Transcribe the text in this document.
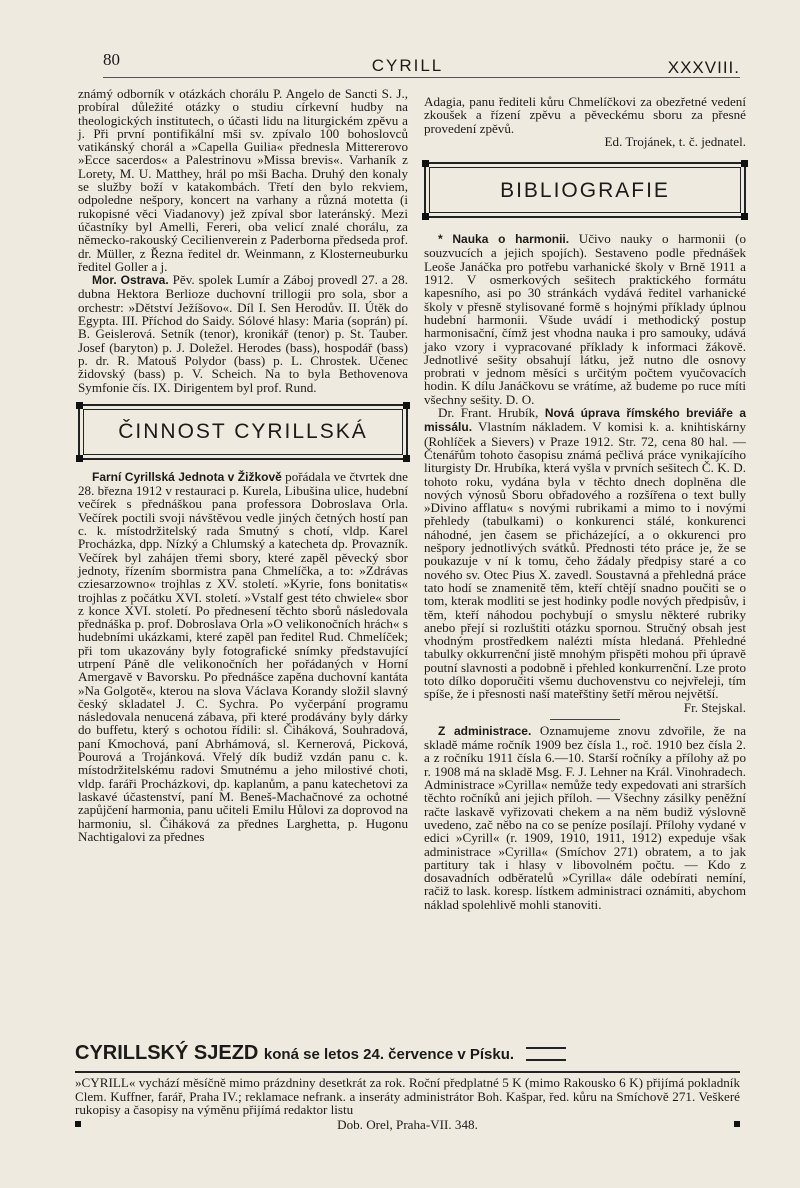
80	CYRILL	XXXVIII.

známý odborník v otázkách chorálu P. Angelo de Sancti S. J., probíral důležité otázky o studiu církevní hudby na theologických institutech, o účasti lidu na liturgickém zpěvu a j. Při první pontifikální mši sv. zpívalo 100 bohoslovců vatikánský chorál a »Capella Guilia« přednesla Mittererovo »Ecce sacerdos« a Palestrinovu »Missa brevis«. Varhaník z Lorety, M. U. Matthey, hrál po mši Bacha. Druhý den konaly se služby boží v katakombách. Třetí den bylo rekviem, odpoledne nešpory, koncert na varhany a různá motetta (i rukopisné věci Viadanovy) jež zpíval sbor lateránský. Mezi účastníky byl Amelli, Fereri, oba velicí znalé chorálu, za německo-rakouský Cecilienverein z Paderborna předseda prof. dr. Müller, z Řezna ředitel dr. Weinmann, z Klosterneuburku ředitel Goller a j.

Mor. Ostrava. Pěv. spolek Lumír a Záboj provedl 27. a 28. dubna Hektora Berlioze duchovní trillogii pro sola, sbor a orchestr: »Dětství Ježíšovo«. Díl I. Sen Herodův. II. Útěk do Egypta. III. Příchod do Saidy. Sólové hlasy: Maria (soprán) pí. B. Geislerová. Setník (tenor), kronikář (tenor) p. St. Tauber. Josef (baryton) p. J. Doležel. Herodes (bass), hospodář (bass) p. dr. R. Matouš Polydor (bass) p. L. Chrostek. Učenec židovský (bass) p. V. Scheich. Na to byla Bethovenova Symfonie čís. IX. Dirigentem byl prof. Rund.

ČINNOST CYRILLSKÁ

Farní Cyrillská Jednota v Žižkově pořádala ve čtvrtek dne 28. března 1912 v restauraci p. Kurela, Libušina ulice, hudební večírek s přednáškou pana professora Dobroslava Orla. Večírek poctili svoji návštěvou vedle jiných četných hostí pan c. k. místodržitelský rada Smutný s chotí, vldp. Karel Procházka, dpp. Nízký a Chlumský a katecheta dp. Provazník. Večírek byl zahájen třemi sbory, které zapěl pěvecký sbor jednoty, řízením sbormistra pana Chmelíčka, a to: »Zdrávas cziesarzowno« trojhlas z XV. století. »Kyrie, fons bonitatis« trojhlas z počátku XVI. století. »Vstalf gest této chwiele« sbor z konce XVI. století. Po přednesení těchto sborů následovala přednáška p. prof. Dobroslava Orla »O velikonočních hrách« s hudebními ukázkami, které zapěl pan ředitel Rud. Chmelíček; při tom ukazovány byly fotografické snímky představující utrpení Páně dle velikonočních her pořádaných v Horní Amergavě v Bavorsku. Po přednášce zapěna duchovní kantáta »Na Golgotě«, kterou na slova Václava Korandy složil slavný český skladatel J. C. Sychra. Po vyčerpání programu následovala nenucená zábava, při které prodávány byly dárky do buffetu, který s ochotou řídili: sl. Čiháková, Souhradová, paní Kmochová, paní Abrhámová, sl. Kernerová, Picková, Pourová a Trojánková. Vřelý dík budiž vzdán panu c. k. místodržitelskému radovi Smutnému a jeho milostivé choti, vldp. faráři Procházkovi, dp. kaplanům, a panu katechetovi za laskavé účastenství, paní M. Beneš-Machačnové za ochotné zapůjčení harmonia, panu učiteli Emilu Hůlovi za doprovod na harmoniu, sl. Čiháková za přednes Larghetta, p. Hugonu Nachtigalovi za přednes

Adagia, panu řediteli kůru Chmelíčkovi za obezřetné vedení zkoušek a řízení zpěvu a pěveckému sboru za přesné provedení zpěvů.

Ed. Trojánek, t. č. jednatel.
BIBLIOGRAFIE

* Nauka o harmonii. Učivo nauky o harmonii (o souzvucích a jejich spojích). Sestaveno podle přednášek Leoše Janáčka pro potřebu varhanické školy v Brně 1911 a 1912. V osmerkových sešitech praktického formátu kapesního, asi po 30 stránkách vydává ředitel varhanické školy v přesně stylisované formě s hojnými příklady úplnou hudební harmonii. Všude uvádí i methodický postup harmonisační, čímž jest vhodna nauka i pro samouky, udává jako vzory i vypracované příklady k informaci žákově. Jednotlivé sešity obsahují látku, jež nutno dle osnovy probrati v jednom měsíci s určitým počtem vyučovacích hodin. K dílu Janáčkovu se vrátíme, až budeme po ruce míti všechny sešity. D. O.

Dr. Frant. Hrubík, Nová úprava římského breviáře a missálu. Vlastním nákladem. V komisi k. a. knihtiskárny (Rohlíček a Sievers) v Praze 1912. Str. 72, cena 80 hal. — Čtenářům tohoto časopisu známá pečlivá práce vynikajícího liturgisty Dr. Hrubíka, která vyšla v prvních sešitech Č. K. D. tohoto roku, vydána byla v těchto dnech doplněna dle nových výnosů Sboru obřadového a rozšířena o text bully »Divino afflatu« s novými rubrikami a mimo to i novými přehledy (tabulkami) o konkurenci stálé, konkurenci náhodné, jen časem se přicházející, a o okkurenci pro nešpory jednotlivých svátků. Přednosti této práce je, že se poukazuje v ní k tomu, čeho žádaly předpisy staré a co nového sv. Otec Pius X. zavedl. Soustavná a přehledná práce tato hodí se znamenitě těm, kteří chtějí snadno poučiti se o tom, kterak modliti se jest hodinky podle nových předpisův, i těm, kteří náhodou pochybují o smyslu některé rubriky anebo přejí si rozluštiti otázku spornou. Stručný obsah jest vhodným prostředkem nalézti místa hledaná. Přehledné tabulky okkurrenční jistě mnohým přispěti mohou při úpravě poutní slavnosti a podobně i přehled konkurrenční. Lze proto toto dílko doporučiti všemu duchovenstvu co nejvřeleji, tím spíše, že i přesnosti naší mateřštiny šetří měrou největší.

Fr. Stejskal.

Z administrace. Oznamujeme znovu zdvořile, že na skladě máme ročník 1909 bez čísla 1., roč. 1910 bez čísla 2. a z ročníku 1911 čísla 6.—10. Starší ročníky a přílohy až po r. 1908 má na skladě Msg. F. J. Lehner na Král. Vinohradech. Administrace »Cyrilla« nemůže tedy expedovati ani strarších těchto ročníků ani jejich příloh. — Všechny zásilky peněžní račte laskavě vyřizovati chekem a na něm budiž výslovně uvedeno, zač něbo na co se peníze posílají. Přílohy vydané v edici »Cyrill« (r. 1909, 1910, 1911, 1912) expeduje však administrace »Cyrilla« (Smíchov 271) obratem, a to jak partitury tak i hlasy v libovolném počtu. — Kdo z dosavadních odběratelů »Cyrilla« dále odebírati nemíní, račiž to lask. koresp. lístkem administraci oznámiti, abychom náklad spolehlivě mohli stanoviti.

CYRILLSKÝ SJEZD koná se letos 24. července v Písku.
»CYRILL« vychází měsíčně mimo prázdniny desetkrát za rok. Roční předplatné 5 K (mimo Rakousko 6 K) přijímá pokladník Clem. Kuffner, farář, Praha IV.; reklamace nefrank. a inseráty administrátor Boh. Kašpar, řed. kůru na Smíchově 271. Veškeré rukopisy a časopisy na výměnu přijímá redaktor listu
Dob. Orel, Praha-VII. 348.
